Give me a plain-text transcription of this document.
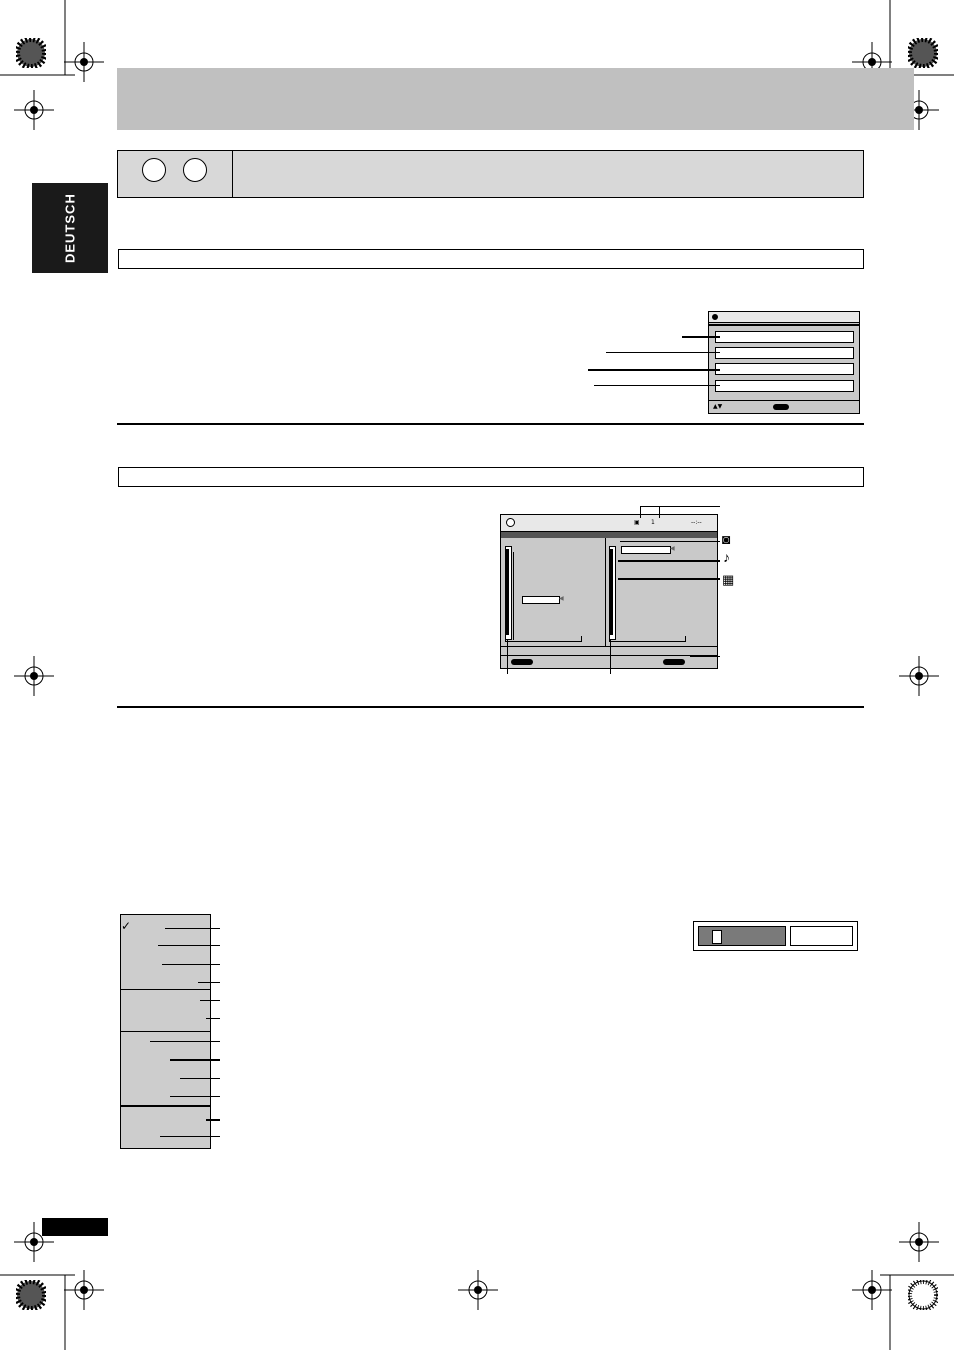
DEUTSCH
▲▼
▣ 1	--:--
◀
◀
◙
♪
▦
✓
